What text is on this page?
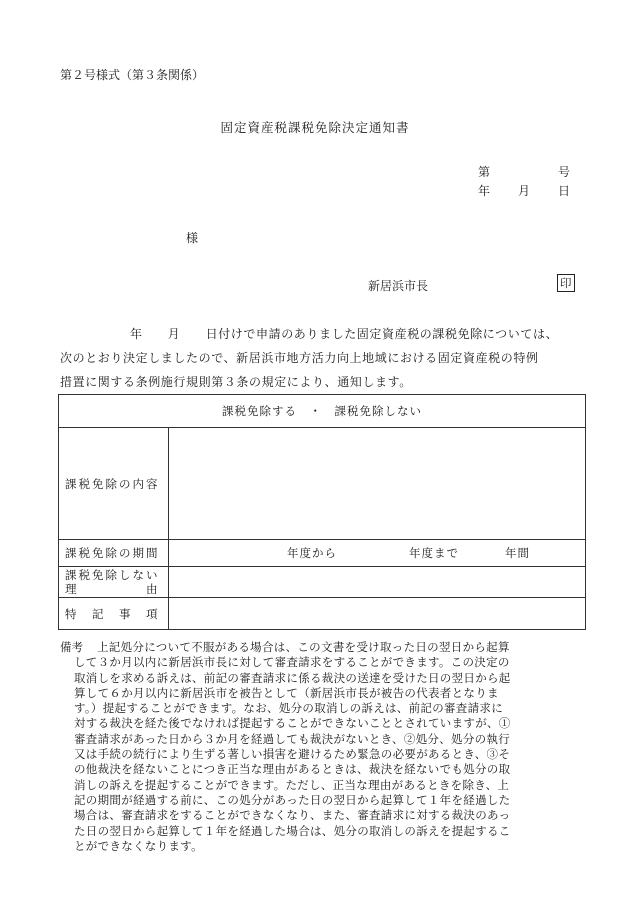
第２号様式（第３条関係）
固定資産税課税免除決定通知書
第	号
年 月 日
様
新居浜市長	印
年　　月　　日付けで申請のありました固定資産税の課税免除については、
次のとおり決定しましたので、新居浜市地方活力向上地域における固定資産税の特例
措置に関する条例施行規則第３条の規定により、通知します。
課税免除する　・　課税免除しない	
課税免除の内容	
課税免除の期間	年度から 年度まで 年間

課税免除しない
理　　　　　由	

特　記　事　項	
備考 上記処分について不服がある場合は、この文書を受け取った日の翌日から起算
して３か月以内に新居浜市長に対して審査請求をすることができます。この決定の
取消しを求める訴えは、前記の審査請求に係る裁決の送達を受けた日の翌日から起
算して６か月以内に新居浜市を被告として（新居浜市長が被告の代表者となりま
す。）提起することができます。なお、処分の取消しの訴えは、前記の審査請求に
対する裁決を経た後でなければ提起することができないこととされていますが、①
審査請求があった日から３か月を経過しても裁決がないとき、②処分、処分の執行
又は手続の続行により生ずる著しい損害を避けるため緊急の必要があるとき、③そ
の他裁決を経ないことにつき正当な理由があるときは、裁決を経ないでも処分の取
消しの訴えを提起することができます。ただし、正当な理由があるときを除き、上
記の期間が経過する前に、この処分があった日の翌日から起算して１年を経過した
場合は、審査請求をすることができなくなり、また、審査請求に対する裁決のあっ
た日の翌日から起算して１年を経過した場合は、処分の取消しの訴えを提起するこ
とができなくなります。
